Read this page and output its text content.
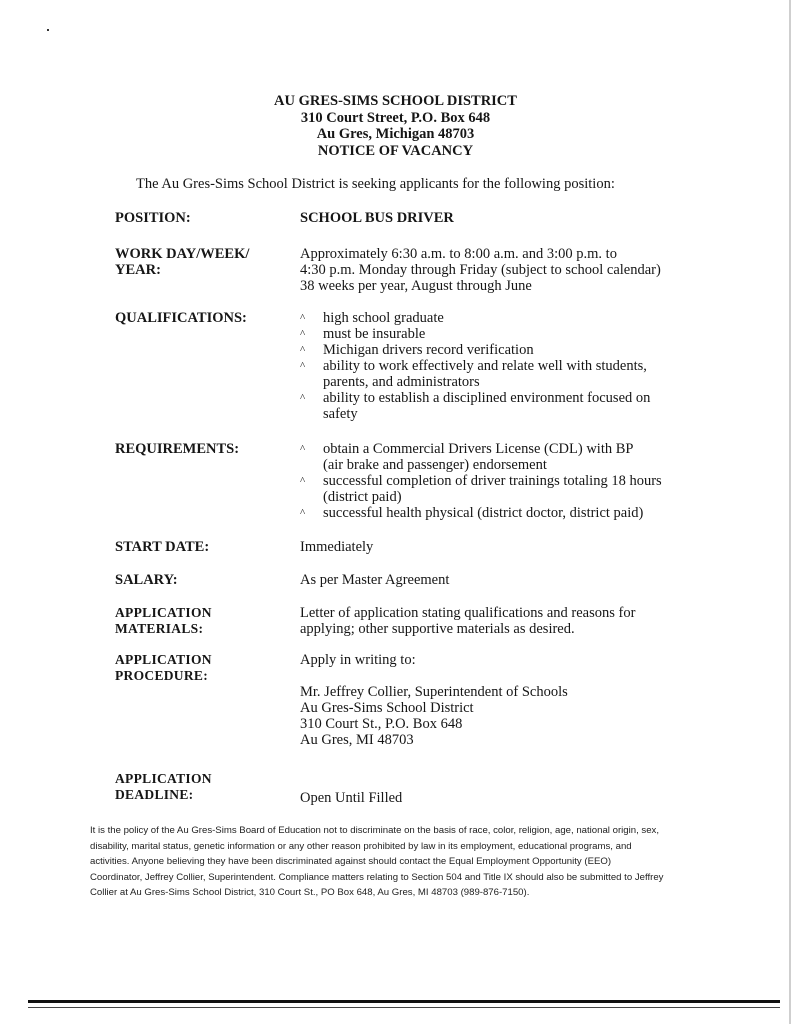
AU GRES-SIMS SCHOOL DISTRICT
310 Court Street, P.O. Box 648
Au Gres, Michigan 48703
NOTICE OF VACANCY
The Au Gres-Sims School District is seeking applicants for the following position:
POSITION:	SCHOOL BUS DRIVER
WORK DAY/WEEK/
YEAR:
Approximately 6:30 a.m. to 8:00 a.m. and 3:00 p.m. to
4:30 p.m. Monday through Friday (subject to school calendar)
38 weeks per year, August through June
QUALIFICATIONS:	^ high school graduate
^ must be insurable
^ Michigan drivers record verification
^ ability to work effectively and relate well with students,
parents, and administrators
^ ability to establish a disciplined environment focused on
safety
REQUIREMENTS:	^ obtain a Commercial Drivers License (CDL) with BP
(air brake and passenger) endorsement
^ successful completion of driver trainings totaling 18 hours
(district paid)
^ successful health physical (district doctor, district paid)
START DATE:	Immediately
SALARY:	As per Master Agreement
APPLICATION
MATERIALS:
Letter of application stating qualifications and reasons for
applying; other supportive materials as desired.
APPLICATION
PROCEDURE:
Apply in writing to:
Mr. Jeffrey Collier, Superintendent of Schools
Au Gres-Sims School District
310 Court St., P.O. Box 648
Au Gres, MI 48703
APPLICATION
DEADLINE:	Open Until Filled
It is the policy of the Au Gres-Sims Board of Education not to discriminate on the basis of race, color, religion, age, national origin, sex,
disability, marital status, genetic information or any other reason prohibited by law in its employment, educational programs, and
activities. Anyone believing they have been discriminated against should contact the Equal Employment Opportunity (EEO)
Coordinator, Jeffrey Collier, Superintendent. Compliance matters relating to Section 504 and Title IX should also be submitted to Jeffrey
Collier at Au Gres-Sims School District, 310 Court St., PO Box 648, Au Gres, MI 48703 (989-876-7150).
